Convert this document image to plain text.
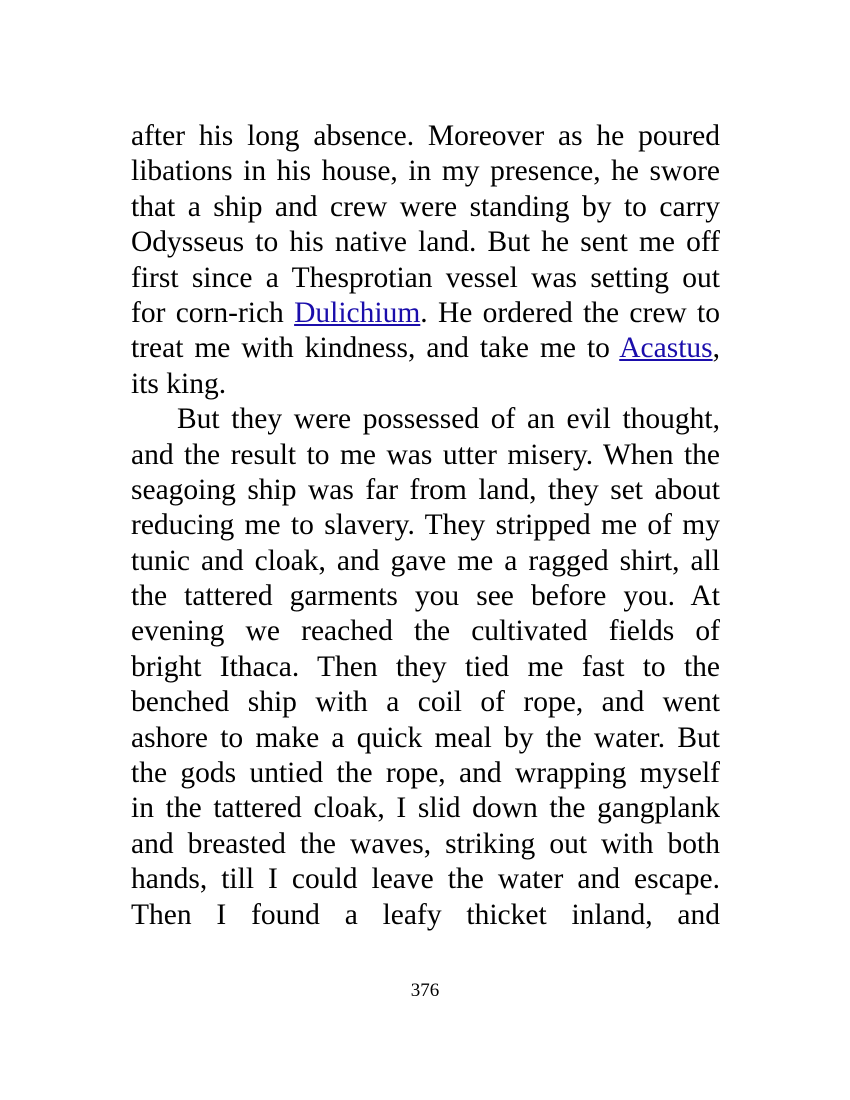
after his long absence. Moreover as he poured
libations in his house, in my presence, he swore
that a ship and crew were standing by to carry
Odysseus to his native land. But he sent me off
first since a Thesprotian vessel was setting out
for corn-rich Dulichium. He ordered the crew to
treat me with kindness, and take me to Acastus,
its king.
But they were possessed of an evil thought,
and the result to me was utter misery. When the
seagoing ship was far from land, they set about
reducing me to slavery. They stripped me of my
tunic and cloak, and gave me a ragged shirt, all
the tattered garments you see before you. At
evening we reached the cultivated fields of
bright Ithaca. Then they tied me fast to the
benched ship with a coil of rope, and went
ashore to make a quick meal by the water. But
the gods untied the rope, and wrapping myself
in the tattered cloak, I slid down the gangplank
and breasted the waves, striking out with both
hands, till I could leave the water and escape.
Then I found a leafy thicket inland, and
376
